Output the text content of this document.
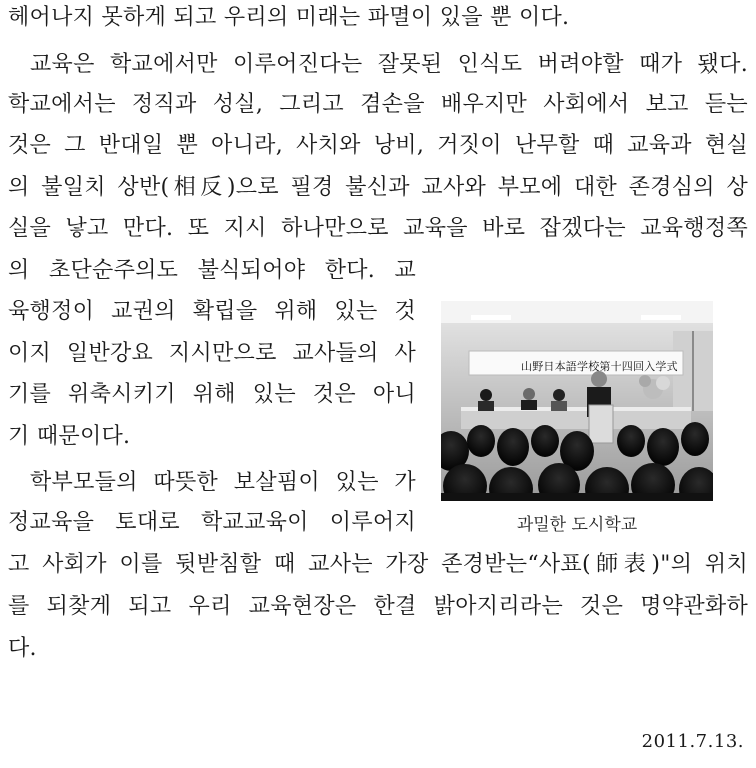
헤어나지 못하게 되고 우리의 미래는 파멸이 있을 뿐 이다.
교육은 학교에서만 이루어진다는 잘못된 인식도 버려야할 때가 됐다.
학교에서는 정직과 성실, 그리고 겸손을 배우지만 사회에서 보고 듣는
것은 그 반대일 뿐 아니라, 사치와 낭비, 거짓이 난무할 때 교육과 현실
의 불일치 상반(相反)으로 필경 불신과 교사와 부모에 대한 존경심의 상
실을 낳고 만다. 또 지시 하나만으로 교육을 바로 잡겠다는 교육행정쪽
의 초단순주의도 불식되어야 한다. 교
육행정이 교권의 확립을 위해 있는 것
이지 일반강요 지시만으로 교사들의 사
기를 위축시키기 위해 있는 것은 아니
기 때문이다.
학부모들의 따뜻한 보살핌이 있는 가
정교육을 토대로 학교교육이 이루어지
고 사회가 이를 뒷받침할 때 교사는 가장 존경받는“사표(師表)"의 위치
를 되찾게 되고 우리 교육현장은 한결 밝아지리라는 것은 명약관화하
다.
山野日本語学校第十四回入学式
과밀한 도시학교
2011.7.13.
